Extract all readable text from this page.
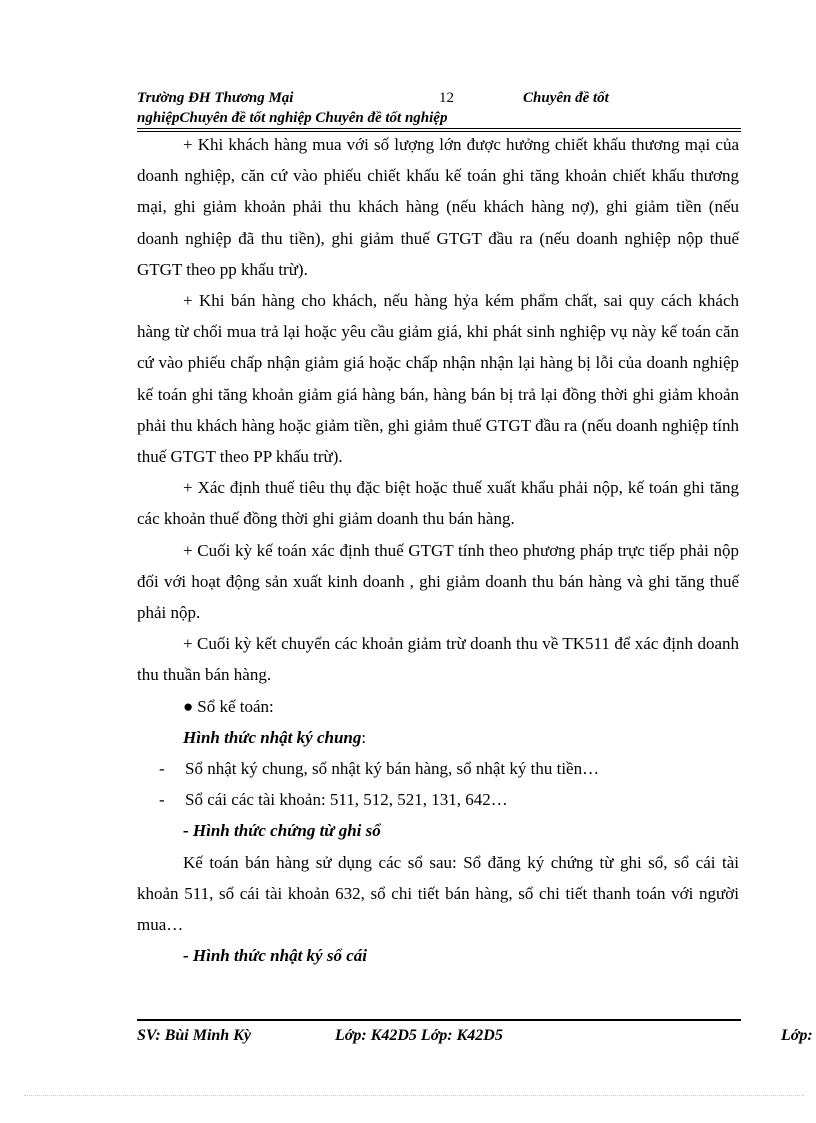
Trường ĐH Thương Mại	12	Chuyên đề tốt
nghiệpChuyên đề tốt nghiệp Chuyên đề tốt nghiệp

+ Khi khách hàng mua với số lượng lớn được hưởng chiết khấu thương mại của doanh nghiệp, căn cứ vào phiếu chiết khấu kế toán ghi tăng khoản chiết khấu thương mại, ghi giảm khoản phải thu khách hàng (nếu khách hàng nợ), ghi giảm tiền (nếu doanh nghiệp đã thu tiền), ghi giảm thuế GTGT đầu ra (nếu doanh nghiệp nộp thuế GTGT theo pp khấu trừ).

+ Khi bán hàng cho khách, nếu hàng hỷa kém phẩm chất, sai quy cách khách hàng từ chối mua trả lại hoặc yêu cầu giảm giá, khi phát sinh nghiệp vụ này kế toán căn cứ vào phiếu chấp nhận giảm giá hoặc chấp nhận nhận lại hàng bị lỗi của doanh nghiệp kế toán ghi tăng khoản giảm giá hàng bán, hàng bán bị trả lại đồng thời ghi giảm khoản phải thu khách hàng hoặc giảm tiền, ghi giảm thuế GTGT đầu ra (nếu doanh nghiệp tính thuế GTGT theo PP khấu trừ).

+ Xác định thuế tiêu thụ đặc biệt hoặc thuế xuất khẩu phải nộp, kế toán ghi tăng các khoản thuế đồng thời ghi giảm doanh thu bán hàng.

+ Cuối kỳ kế toán xác định thuế GTGT tính theo phương pháp trực tiếp phải nộp đối với hoạt động sản xuất kinh doanh , ghi giảm doanh thu bán hàng và ghi tăng thuế phải nộp.

+ Cuối kỳ kết chuyển các khoản giảm trừ doanh thu về TK511 để xác định doanh thu thuần bán hàng.

● Sổ kế toán:

Hình thức nhật ký chung:

- Sổ nhật ký chung, sổ nhật ký bán hàng, sổ nhật ký thu tiền…

- Sổ cái các tài khoản: 511, 512, 521, 131, 642…

- Hình thức chứng từ ghi sổ

Kế toán bán hàng sử dụng các sổ sau: Sổ đăng ký chứng từ ghi sổ, sổ cái tài khoản 511, sổ cái tài khoản 632, sổ chi tiết bán hàng, sổ chi tiết thanh toán với người mua…

- Hình thức nhật ký sổ cái

SV: Bùi Minh Kỳ	Lớp: K42D5 Lớp: K42D5	Lớp:
